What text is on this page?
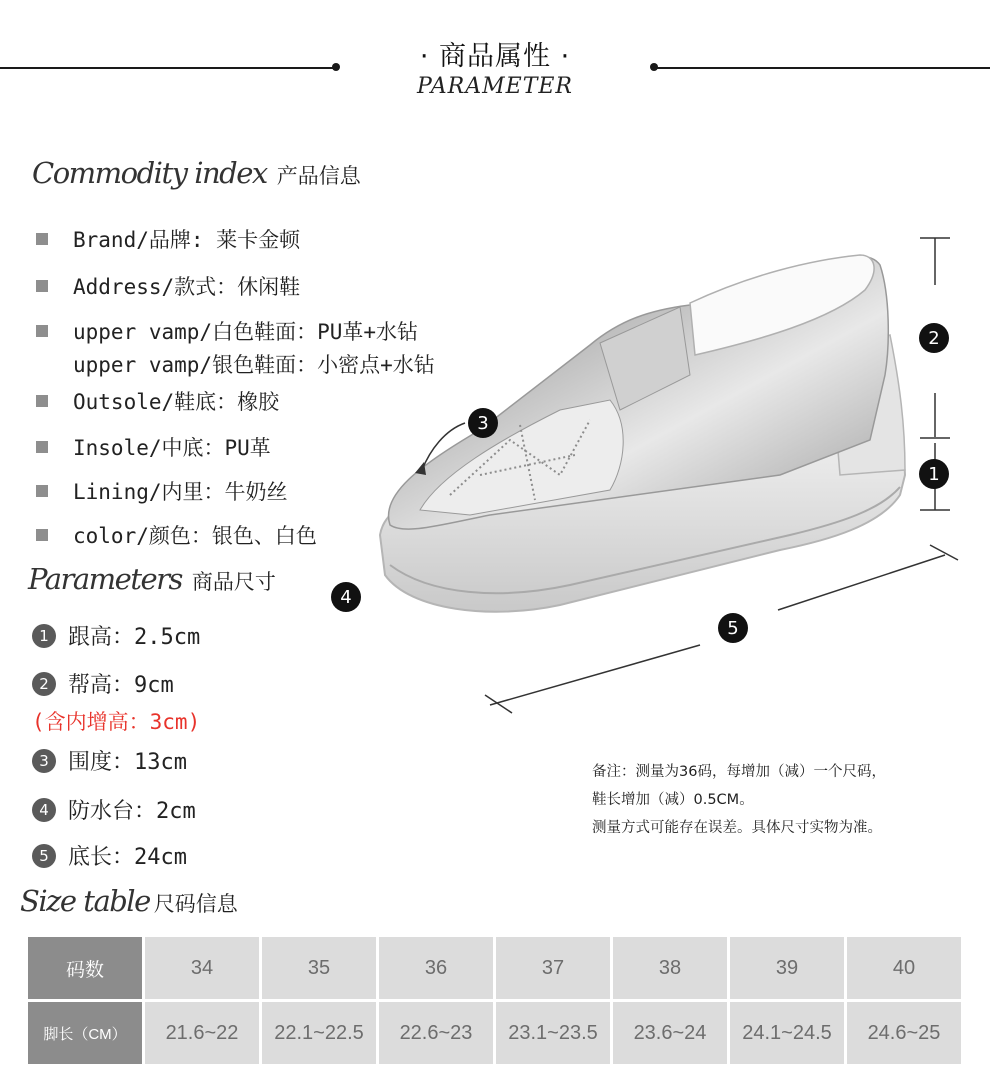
· 商品属性 ·
PARAMETER
Commodity index 产品信息
Brand/品牌: 莱卡金顿
Address/款式：休闲鞋
upper vamp/白色鞋面：PU革+水钻
upper vamp/银色鞋面：小密点+水钻
Outsole/鞋底：橡胶
Insole/中底：PU革
Lining/内里：牛奶丝
color/颜色：银色、白色
Parameters 商品尺寸
1 跟高：2.5cm
2 帮高：9cm
(含内增高：3cm)
3 围度：13cm
4 防水台：2cm
5 底长：24cm
2
1
3
4
5
备注：测量为36码，每增加（减）一个尺码，
鞋长增加（减）0.5CM。
测量方式可能存在误差。具体尺寸实物为准。
Size table 尺码信息
码数	34	35	36	37	38	39	40
脚长（CM）	21.6~22	22.1~22.5	22.6~23	23.1~23.5	23.6~24	24.1~24.5	24.6~25
